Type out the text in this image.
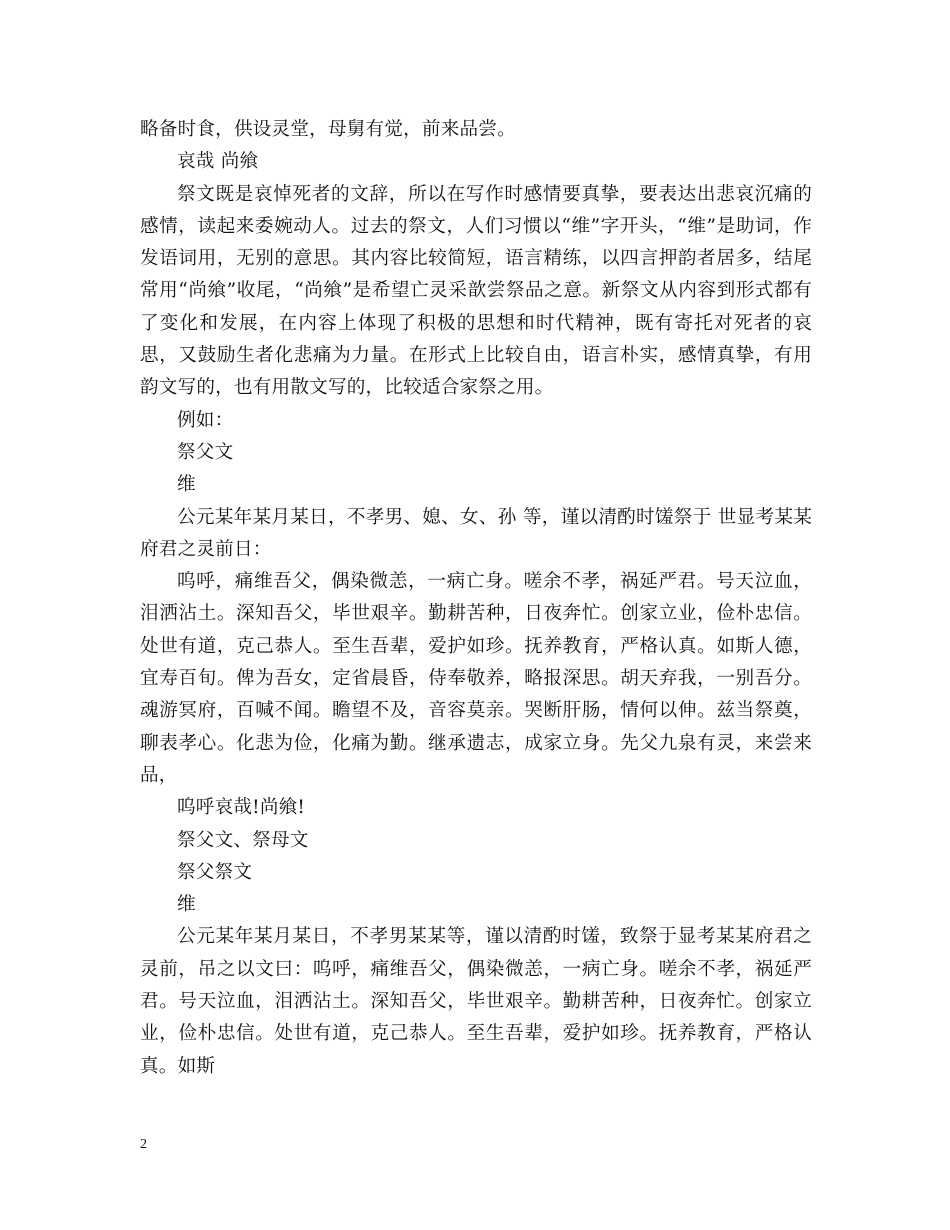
略备时食，供设灵堂，母舅有觉，前来品尝。

哀哉 尚飨

祭文既是哀悼死者的文辞，所以在写作时感情要真挚，要表达出悲哀沉痛的感情，读起来委婉动人。过去的祭文，人们习惯以“维”字开头，“维”是助词，作发语词用，无别的意思。其内容比较简短，语言精练，以四言押韵者居多，结尾常用“尚飨”收尾，“尚飨”是希望亡灵采歆尝祭品之意。新祭文从内容到形式都有了变化和发展，在内容上体现了积极的思想和时代精神，既有寄托对死者的哀思，又鼓励生者化悲痛为力量。在形式上比较自由，语言朴实，感情真挚，有用韵文写的，也有用散文写的，比较适合家祭之用。

例如：

祭父文

维

公元某年某月某日，不孝男、媳、女、孙 等，谨以清酌时馐祭于 世显考某某府君之灵前日：

呜呼，痛维吾父，偶染微恙，一病亡身。嗟余不孝，祸延严君。号天泣血，泪洒沾土。深知吾父，毕世艰辛。勤耕苦种，日夜奔忙。创家立业，俭朴忠信。处世有道，克己恭人。至生吾辈，爱护如珍。抚养教育，严格认真。如斯人德，宜寿百旬。俾为吾女，定省晨昏，侍奉敬养，略报深思。胡天弃我，一别吾分。魂游冥府，百喊不闻。瞻望不及，音容莫亲。哭断肝肠，情何以伸。兹当祭奠，聊表孝心。化悲为俭，化痛为勤。继承遗志，成家立身。先父九泉有灵，来尝来品，

呜呼哀哉!尚飨!

祭父文、祭母文

祭父祭文

维

公元某年某月某日，不孝男某某等，谨以清酌时馐，致祭于显考某某府君之灵前，吊之以文曰：呜呼，痛维吾父，偶染微恙，一病亡身。嗟余不孝，祸延严君。号天泣血，泪洒沾土。深知吾父，毕世艰辛。勤耕苦种，日夜奔忙。创家立业，俭朴忠信。处世有道，克己恭人。至生吾辈，爱护如珍。抚养教育，严格认真。如斯

2
